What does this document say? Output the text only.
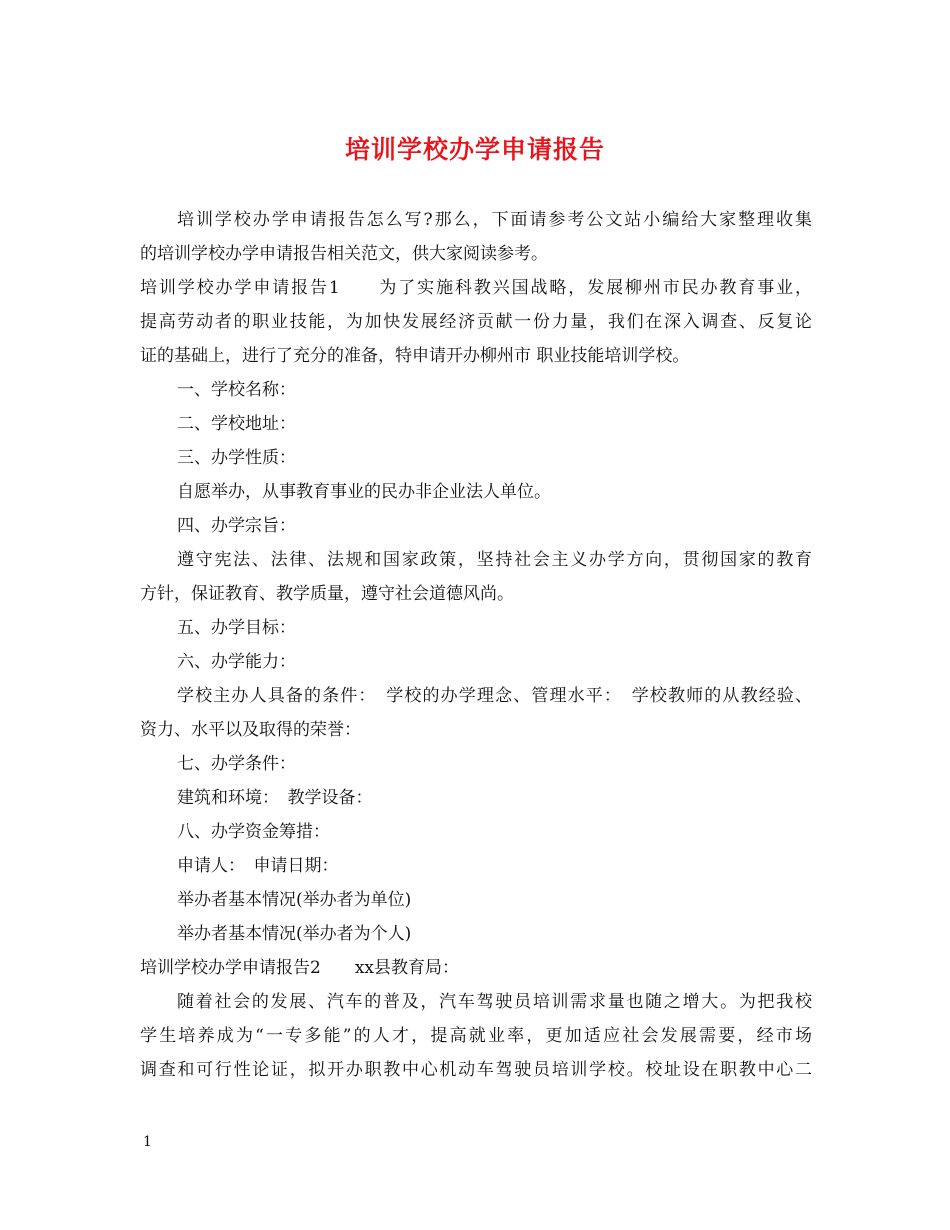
培训学校办学申请报告
培训学校办学申请报告怎么写?那么，下面请参考公文站小编给大家整理收集
的培训学校办学申请报告相关范文，供大家阅读参考。
培训学校办学申请报告1　　为了实施科教兴国战略，发展柳州市民办教育事业，
提高劳动者的职业技能，为加快发展经济贡献一份力量，我们在深入调查、反复论
证的基础上，进行了充分的准备，特申请开办柳州市 职业技能培训学校。
一、学校名称：
二、学校地址：
三、办学性质：
自愿举办，从事教育事业的民办非企业法人单位。
四、办学宗旨：
遵守宪法、法律、法规和国家政策，坚持社会主义办学方向，贯彻国家的教育
方针，保证教育、教学质量，遵守社会道德风尚。
五、办学目标：
六、办学能力：
学校主办人具备的条件：　学校的办学理念、管理水平：　学校教师的从教经验、
资力、水平以及取得的荣誉：
七、办学条件：
建筑和环境：　教学设备：
八、办学资金筹措：
申请人：　申请日期：
举办者基本情况(举办者为单位)
举办者基本情况(举办者为个人)
培训学校办学申请报告2　　xx县教育局：
随着社会的发展、汽车的普及，汽车驾驶员培训需求量也随之增大。为把我校
学生培养成为“一专多能”的人才，提高就业率，更加适应社会发展需要，经市场
调查和可行性论证，拟开办职教中心机动车驾驶员培训学校。校址设在职教中心二
1
